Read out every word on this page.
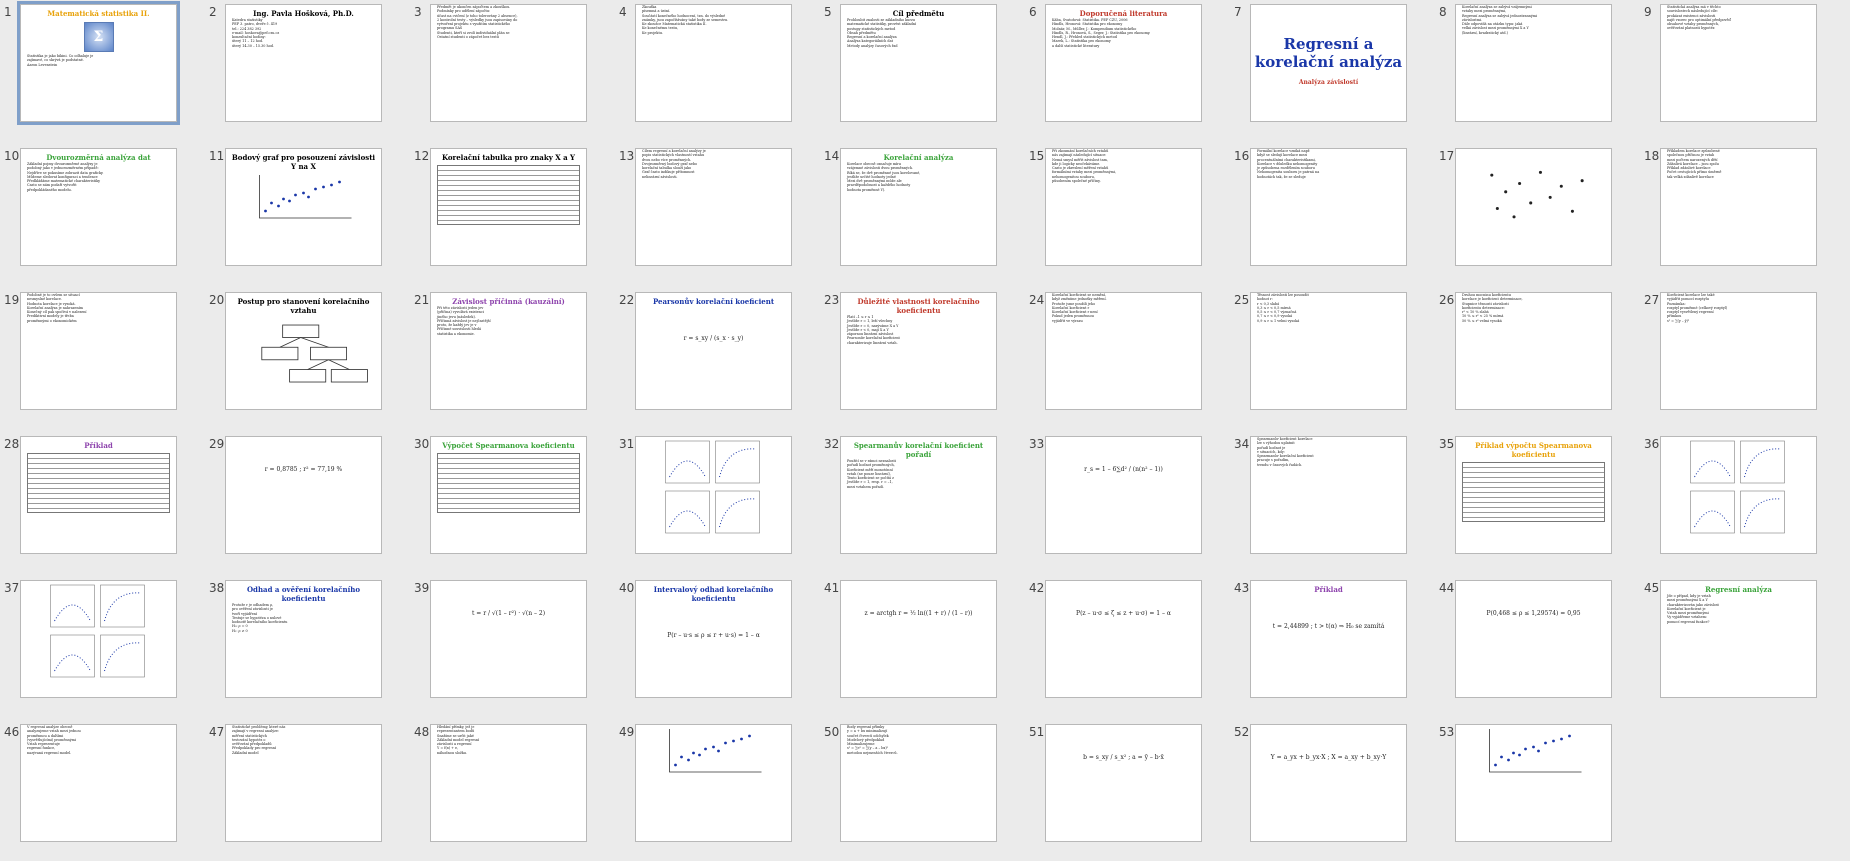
1	Matematická statistika II.
Σ
Statistika je jako bikini. Co odhaluje je
zajímavé, co skrývá je podstatné.
Aaron Levenstein
2	Ing. Pavla Hošková, Ph.D.
Katedra statistiky
PEF 3. patro, dveře č. 419
tel.: 224 382 392
e-mail: hoskova@pef.czu.cz
konzultační hodiny:
úterý 11 – 12 hod.
úterý 14.30 – 15.30 hod.
3	Předmět je ukončen zápočtem a zkouškou.
Podmínky pro udělení zápočtu:
účast na cvičení (z toho tolerovány 2 absence),
2 kontrolní testy – výsledky jsou zapisovány do
vytvoření projektu s využitím statistického
programu SAS
Studenti, kteří si zvolí individuální plán se
Ostatní studenti o zápočet bez testů
4	Zkouška
písemná a ústní.
Součástí konečného hodnocení, tzn. do výsledné
známky, jsou započítávány také body ze semestru.
Ke zkoušce Matematická statistika II.
Ke konečnému testu,
Ke projektu.
5	Cíl předmětu
Prohloubit znalosti ze základního kurzu
matematické statistiky, provést základní
postupy statistických metod
Obsah předmětu
Regresní a korelační analýza
Analýza kategoriálních dat
Metody analýzy časových řad
6	Doporučená literatura
Kába, Svatošová: Statistika. PEF ČZU, 2006
Hindls, Hronová: Statistika pro ekonomy
Molnár, M., Műller, J.: Kompendium statistického
Hindls, R., Hronová, S., Seger, J.: Statistika pro ekonomy.
Hendl, J.: Přehled statistických metod
Marek, L.: Statistika pro ekonomy
a další statistické literatury
7
Regresní a korelační analýza
Analýza závislostí
8	Korelační analýza se zabývá vzájemnými
vztahy mezi proměnnými,
Regresní analýza se zabývá jednostrannými
závislostmi.
Dále odpovídá na otázku typu: jaká
velká závislost mezi proměnnými X a Y
(lineární, kvadratický atd.)
9	Statistická analýza má v těchto
souvislostech následující cíle:
prokázat existenci závislosti
najít vzorec pro optimální předpověď
obsahové vztahy proměnných,
ověřování platnosti hypotéz
10	Dvourozměrná analýza dat
Základní pojmy dvourozměrné analýzy je
podobný jako v jednorozměrném případě:
Nejdříve se pokusíme zobrazit data graficky.
Můžeme sledovat konfiguraci a tendence
Předkládáme matematické charakteristiky
Často se nám podaří vytvořit
předpokládaného modelu.
11	Bodový graf pro posouzení závislosti Y na X
12	Korelační tabulka pro znaky X a Y	13	Cílem regresní a korelační analýzy je
popis statistických vlastností vztahu
dvou nebo více proměnných.
Dvojrozměrný bodový graf nebo
korelační tabulka slouží jako
Graf často indikuje přítomnost
nelineární závislosti.
14	Korelační analýza
Korelace obecně označuje míru
vzájemné závislosti dvou proměnných.
Říká se, že dvě proměnné jsou korelované,
jestliže určité hodnoty jedné
Mezi dvě proměnnými může ale
pravděpodobnost a každého hodnoty
hodnota proměnné Y).
15	Při zkoumání korelačních vztahů
nás zajímají následující situace:
Nemá smysl měřit závislost tam,
kde ji logicky neočekáváme.
Často je zkreslení měření vztahů
formálními vztahy mezi proměnnými,
nehomogenitou souboru,
působením společné příčiny.
16	Formální korelace vzniká např.
když se sledují korelace mezi
procentuálními charakteristikami,
Korelace v důsledku nehomogenity
je způsobena rozdělením souboru
Nehomogenita souboru je patrná na
hodnotách tak, že se sleduje
17	18	Příkladem korelace způsobené
společnou příčinou je vztah
mezi počtem narozených dětí
Zdánlivá korelace – jsou spolu
Příklad zdánlivé korelace
Počet cestujících přímo úměrně
tak velká zdánlivě korelace
19	Podobné je to ovšem se situací
nesmyslné korelace.
Hodnota korelace je vysoká.
Korelační analýza je nahrazením
Konečný cíl pak spočívá v nalezení
Prediktivní modely je třeba
proměnnými o ekonomickém
20	Postup pro stanovení korelačního vztahu
21	Závislost příčinná (kauzální)
Při této závislosti jeden jev
(příčina) vyvolává existenci
jiného jevu (následek).
Příčinná závislost je nejčastější
proto, že každý jev je v
Příčinné souvislosti hledá
statistika a ekonomie.
22	Pearsonův korelační koeficient
r = s_xy / (s_x · s_y)
23	Důležité vlastnosti korelačního koeficientu
Platí –1 ≤ r ≤ 1
Jestliže r = 1, leží všechny
Jestliže r = 0, nazýváme X a Y
Jestliže r < 0, mají X a Y
zápornou lineární závislost
Pearsonův korelační koeficient
charakterizuje lineární vztah.
24	Korelační koeficient se nemění,
když změníme jednotky měření.
Protože jsme použili jeho
Korelační koeficient r
Korelační koeficient r není
Pokud jeden proměnnou
vyjádřit ve výrazu
25	Těsnost závislosti lze posoudit
hodnot r:
r < 0,3 slabá
0,3 ≤ r < 0,5 mírná
0,5 ≤ r < 0,7 význačná
0,7 ≤ r < 0,9 vysoká
0,9 ≤ r ≤ 1 velmi vysoká
26	Druhou mocninu koeficientu
korelace je koeficient determinace,
Stupnice těsnosti závislosti
koeficientu determinace:
r² < 10 % slabá
10 % ≤ r² < 25 % mírná
50 % ≤ r² velmi vysoká
27	Koeficient korelace lze také
vyjádřit pomocí rozptylu
Poznámka:
rozptyl proměnné (celkový rozptyl)
rozptyl vysvětlený regresní
přímkou
s² = ∑(y – ȳ)²
28	Příklad	29
r = 0,8785 ; r² = 77,19 %
30	Výpočet Spearmanova koeficientu	31	32	Spearmanův korelační koeficient pořadí
Použití se v rámci neznalosti
pořadí hodnot proměnných,
Koeficient měří monotónní
vztah (ne pouze lineární),
Tento koeficient se počítá z
Jestliže r = 1, resp. r = –1,
mezi vztahem pořadí.
33
r_s = 1 – 6∑d² / (n(n² – 1))
34	Spearmanův koeficient korelace
lze s výhodou uplatnit
pořadí hodnot je
v situacích, kdy:
Spearmanův korelační koeficient
pracuje s pořadím,
trendu v časových řadách.
35	Příklad výpočtu Spearmanova koeficientu
36
37	38	Odhad a ověření korelačního koeficientu
Protože r je odhadem ρ,
pro ověření závislosti je
tvoří vyjádření
Testuje se hypotéza o nulové
hodnotě korelačního koeficientu
H₀: ρ = 0
H₁: ρ ≠ 0
39
t = r / √(1 – r²) · √(n – 2)
40	Intervalový odhad korelačního koeficientu
P(r – u·s ≤ ρ ≤ r + u·s) = 1 – α
41
z = arctgh r = ½ ln((1 + r) / (1 – r))
42
P(z – u·σ ≤ ζ ≤ z + u·σ) = 1 – α
43	Příklad
t = 2,44899 ; t > t(α) ⇒ H₀ se zamítá
44
P(0,468 ≤ ρ ≤ 1,29574) = 0,95
45	Regresní analýza
Jde o případ, kdy je vztah
mezi proměnnými X a Y
charakterizován jako závislost
Korelační koeficient je
Vztah mezi proměnnými
Vy vyjádřeme vztahem:
pomocí regresní funkce?
46	V regresní analýze obecně
analyzujeme vztah mezi jednou
proměnnou a dalšími
(vysvětlujícími) proměnnými
Vztah reprezentuje
regresní funkce,
nazývaná regresní model.
47	Statistické problémy, které nás
zajímají v regresní analýze:
měření statistických
testování hypotéz o
ověřování předpokladů
Předpoklady pro regresní
Základní model
48	Hledání přímky, jež je
reprezentantem bodů
Snažíme se určit jaké
Základní model regresní
závislosti a regresní
Y = f(x) + e,
náhodnou složku.
49	50	Body regresní přímky
y = a + bx minimalizují
součet čtverců odchylek
Modelový předpoklad
Minimalizujeme
s² = ∑e² = ∑(y – a – bx)²
metodou nejmenších čtverců.
51
b = s_xy / s_x² ; a = ȳ – b·x̄
52
Y = a_yx + b_yx·X ; X = a_xy + b_xy·Y
53
